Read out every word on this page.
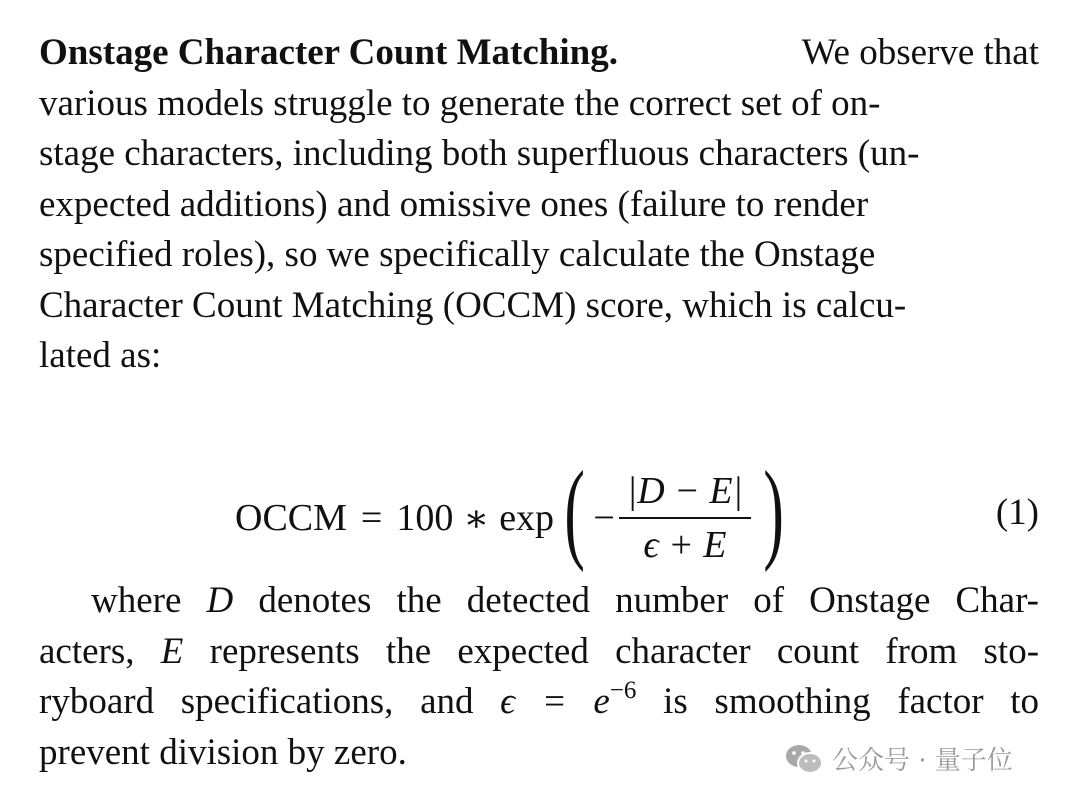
Onstage Character Count Matching.	We observe that
various models struggle to generate the correct set of on-
stage characters, including both superfluous characters (un-
expected additions) and omissive ones (failure to render
specified roles), so we specifically calculate the Onstage
Character Count Matching (OCCM) score, which is calcu-
lated as:
OCCM = 100 ∗ exp ( − $\frac{|D - E|}{\epsilon + E}$ )	(1)
where D denotes the detected number of Onstage Char-
acters, E represents the expected character count from sto-
ryboard specifications, and $\epsilon = e^{-6}$ is smoothing factor to
prevent division by zero.	公众号 · 量子位
